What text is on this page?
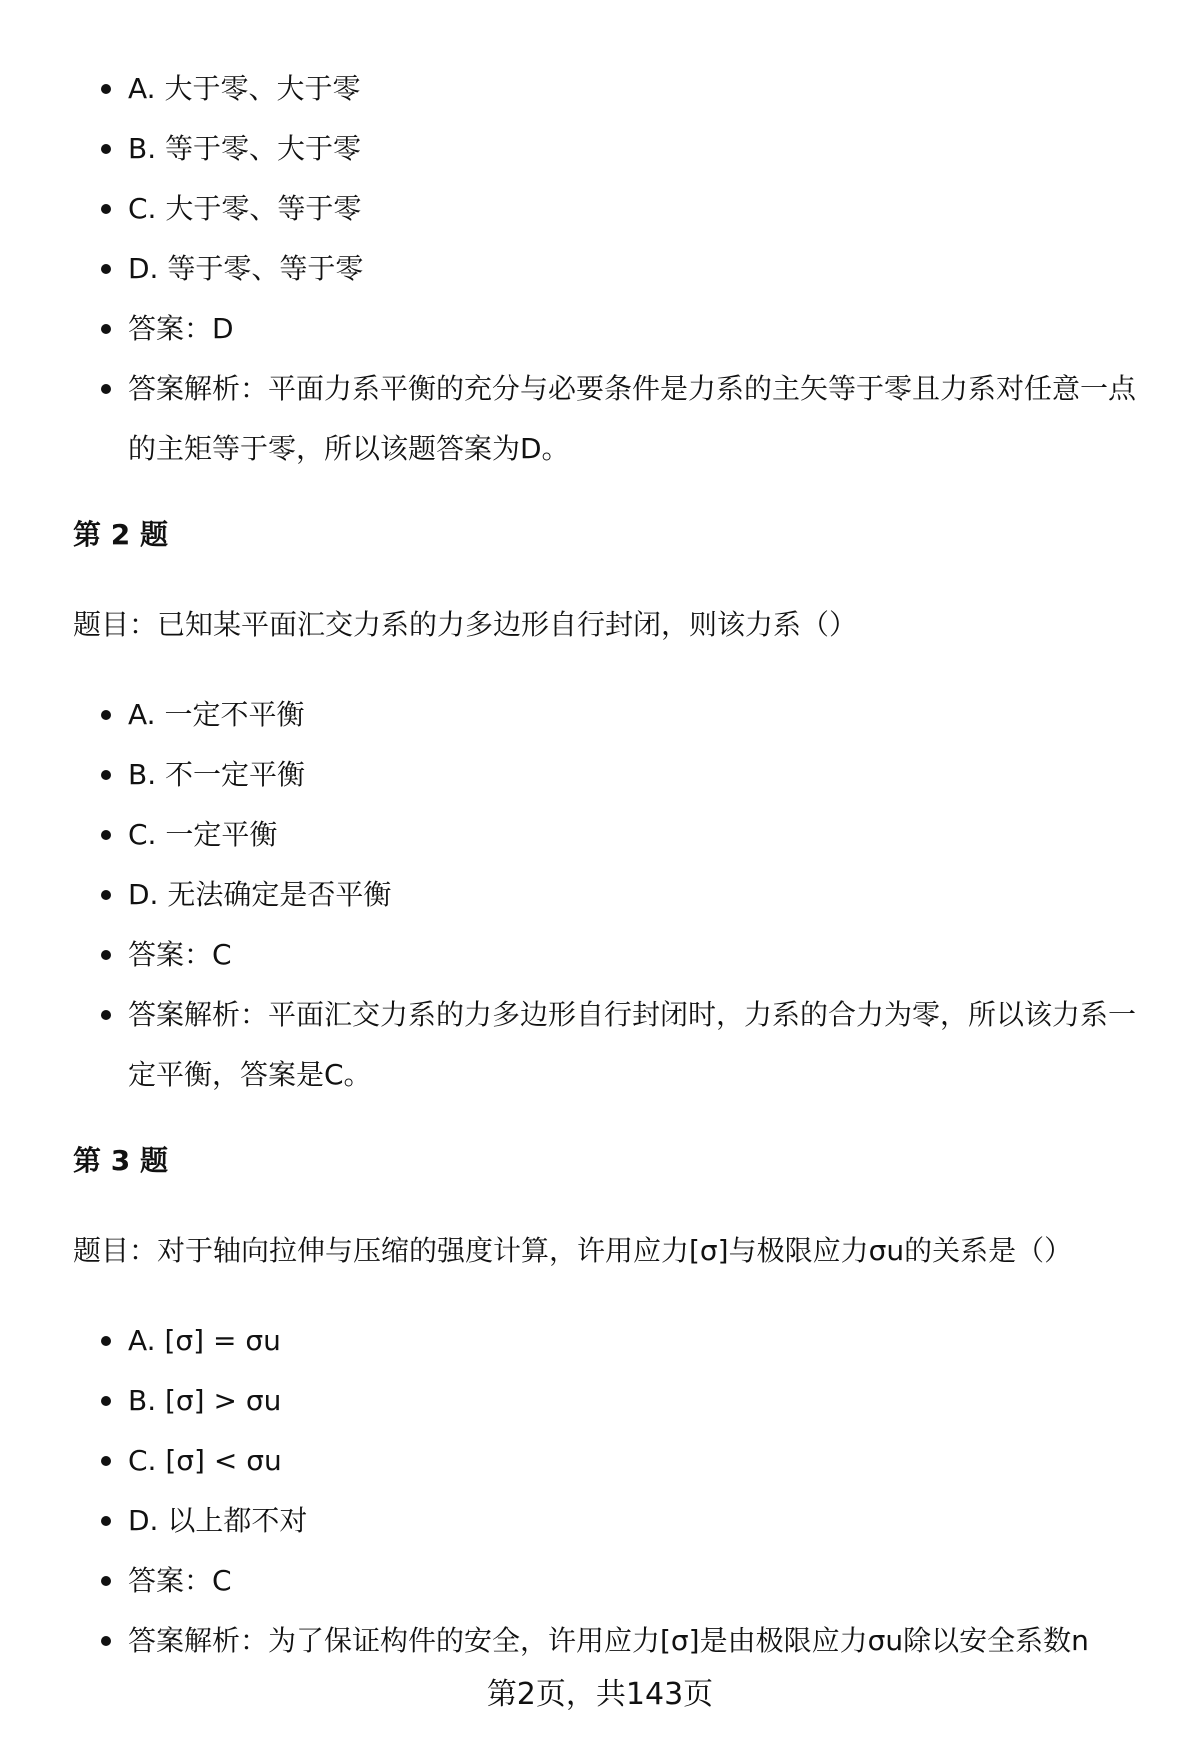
A. 大于零、大于零
B. 等于零、大于零
C. 大于零、等于零
D. 等于零、等于零
答案：D
答案解析：平面力系平衡的充分与必要条件是力系的主矢等于零且力系对任意一点的主矩等于零，所以该题答案为D。
第 2 题
题目：已知某平面汇交力系的力多边形自行封闭，则该力系（）
A. 一定不平衡
B. 不一定平衡
C. 一定平衡
D. 无法确定是否平衡
答案：C
答案解析：平面汇交力系的力多边形自行封闭时，力系的合力为零，所以该力系一定平衡，答案是C。
第 3 题
题目：对于轴向拉伸与压缩的强度计算，许用应力[σ]与极限应力σu的关系是（）
A. [σ] = σu
B. [σ] > σu
C. [σ] < σu
D. 以上都不对
答案：C
答案解析：为了保证构件的安全，许用应力[σ]是由极限应力σu除以安全系数n
第2页，共143页
